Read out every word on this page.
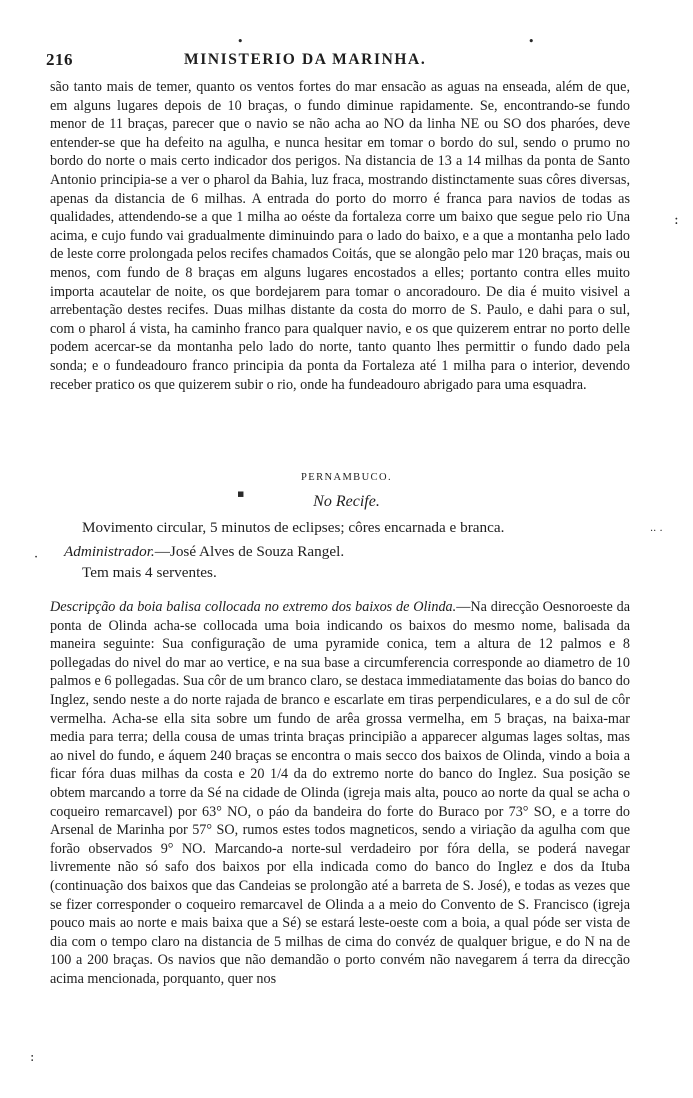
216	MINISTERIO DA MARINHA.

são tanto mais de temer, quanto os ventos fortes do mar ensacão as aguas na enseada, além de que, em alguns lugares depois de 10 braças, o fundo diminue rapidamente. Se, encontrando-se fundo menor de 11 braças, parecer que o navio se não acha ao NO da linha NE ou SO dos pharóes, deve entender-se que ha defeito na agulha, e nunca hesitar em tomar o bordo do sul, sendo o prumo no bordo do norte o mais certo indicador dos perigos. Na distancia de 13 a 14 milhas da ponta de Santo Antonio principia-se a ver o pharol da Bahia, luz fraca, mostrando distinctamente suas côres diversas, apenas da distancia de 6 milhas. A entrada do porto do morro é franca para navios de todas as qualidades, attendendo-se a que 1 milha ao oéste da fortaleza corre um baixo que segue pelo rio Una acima, e cujo fundo vai gradualmente diminuindo para o lado do baixo, e a que a montanha pelo lado de leste corre prolongada pelos recifes chamados Coitás, que se alongão pelo mar 120 braças, mais ou menos, com fundo de 8 braças em alguns lugares encostados a elles; portanto contra elles muito importa acautelar de noite, os que bordejarem para tomar o ancoradouro. De dia é muito visivel a arrebentação destes recifes. Duas milhas distante da costa do morro de S. Paulo, e dahi para o sul, com o pharol á vista, ha caminho franco para qualquer navio, e os que quizerem entrar no porto delle podem acercar-se da montanha pelo lado do norte, tanto quanto lhes permittir o fundo dado pela sonda; e o fundeadouro franco principia da ponta da Fortaleza até 1 milha para o interior, devendo receber pratico os que quizerem subir o rio, onde ha fundeadouro abrigado para uma esquadra.

PERNAMBUCO.
No Recife.
Movimento circular, 5 minutos de eclipses; côres encarnada e branca.
Administrador.—José Alves de Souza Rangel.
Tem mais 4 serventes.

Descripção da boia balisa collocada no extremo dos baixos de Olinda.—Na direcção Oesnoroeste da ponta de Olinda acha-se collocada uma boia indicando os baixos do mesmo nome, balisada da maneira seguinte: Sua configuração de uma pyramide conica, tem a altura de 12 palmos e 8 pollegadas do nivel do mar ao vertice, e na sua base a circumferencia corresponde ao diametro de 10 palmos e 6 pollegadas. Sua côr de um branco claro, se destaca immediatamente das boias do banco do Inglez, sendo neste a do norte rajada de branco e escarlate em tiras perpendiculares, e a do sul de côr vermelha. Acha-se ella sita sobre um fundo de arêa grossa vermelha, em 5 braças, na baixa-mar media para terra; della cousa de umas trinta braças principião a apparecer algumas lages soltas, mas ao nivel do fundo, e áquem 240 braças se encontra o mais secco dos baixos de Olinda, vindo a boia a ficar fóra duas milhas da costa e 20 1/4 da do extremo norte do banco do Inglez. Sua posição se obtem marcando a torre da Sé na cidade de Olinda (igreja mais alta, pouco ao norte da qual se acha o coqueiro remarcavel) por 63° NO, o páo da bandeira do forte do Buraco por 73° SO, e a torre do Arsenal de Marinha por 57° SO, rumos estes todos magneticos, sendo a viriação da agulha com que forão observados 9° NO. Marcando-a norte-sul verdadeiro por fóra della, se poderá navegar livremente não só safo dos baixos por ella indicada como do banco do Inglez e dos da Ituba (continuação dos baixos que das Candeias se prolongão até a barreta de S. José), e todas as vezes que se fizer corresponder o coqueiro remarcavel de Olinda a a meio do Convento de S. Francisco (igreja pouco mais ao norte e mais baixa que a Sé) se estará leste-oeste com a boia, a qual póde ser vista de dia com o tempo claro na distancia de 5 milhas de cima do convéz de qualquer brigue, e do N na de 100 a 200 braças. Os navios que não demandão o porto convém não navegarem á terra da direcção acima mencionada, porquanto, quer nos

•	•
:
▪
·· ·
·
:
